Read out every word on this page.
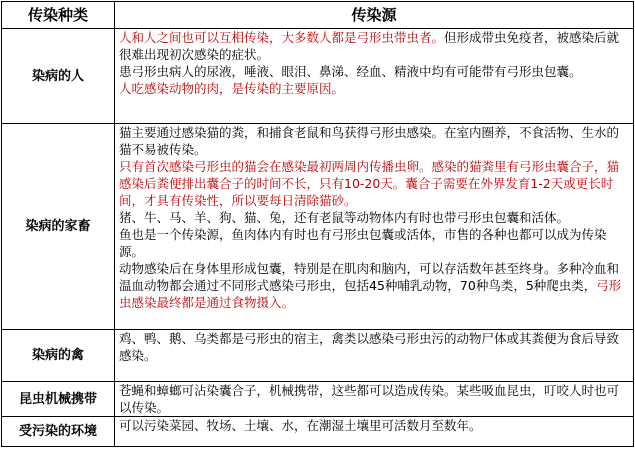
传染种类	传染源
染病的人	人和人之间也可以互相传染，大多数人都是弓形虫带虫者。但形成带虫免疫者，被感染后就很难出现初次感染的症状。

患弓形虫病人的尿液，唾液、眼泪、鼻涕、经血、精液中均有可能带有弓形虫包囊。

人吃感染动物的肉，是传染的主要原因。

染病的家畜	猫主要通过感染猫的粪，和捕食老鼠和鸟获得弓形虫感染。在室内圈养，不食活物、生水的猫不易被传染。

只有首次感染弓形虫的猫会在感染最初两周内传播虫卵。感染的猫粪里有弓形虫囊合子，猫感染后粪便排出囊合子的时间不长，只有10-20天。囊合子需要在外界发育1-2天或更长时间，才具有传染性，所以要每日清除猫砂。

猪、牛、马、羊、狗、猫、兔，还有老鼠等动物体内有时也带弓形虫包囊和活体。

鱼也是一个传染源，鱼肉体内有时也有弓形虫包囊或活体，市售的各种也都可以成为传染源。

动物感染后在身体里形成包囊，特别是在肌肉和脑内，可以存活数年甚至终身。多种冷血和温血动物都会通过不同形式感染弓形虫，包括45种哺乳动物，70种鸟类，5种爬虫类，弓形虫感染最终都是通过食物摄入。

染病的禽	鸡、鸭、鹅、乌类都是弓形虫的宿主，禽类以感染弓形虫污的动物尸体或其粪便为食后导致感染。

昆虫机械携带	苍蝇和蟑螂可沾染囊合子，机械携带，这些都可以造成传染。某些吸血昆虫，叮咬人时也可以传染。

受污染的环境	可以污染菜园、牧场、土壤、水，在潮湿土壤里可活数月至数年。
